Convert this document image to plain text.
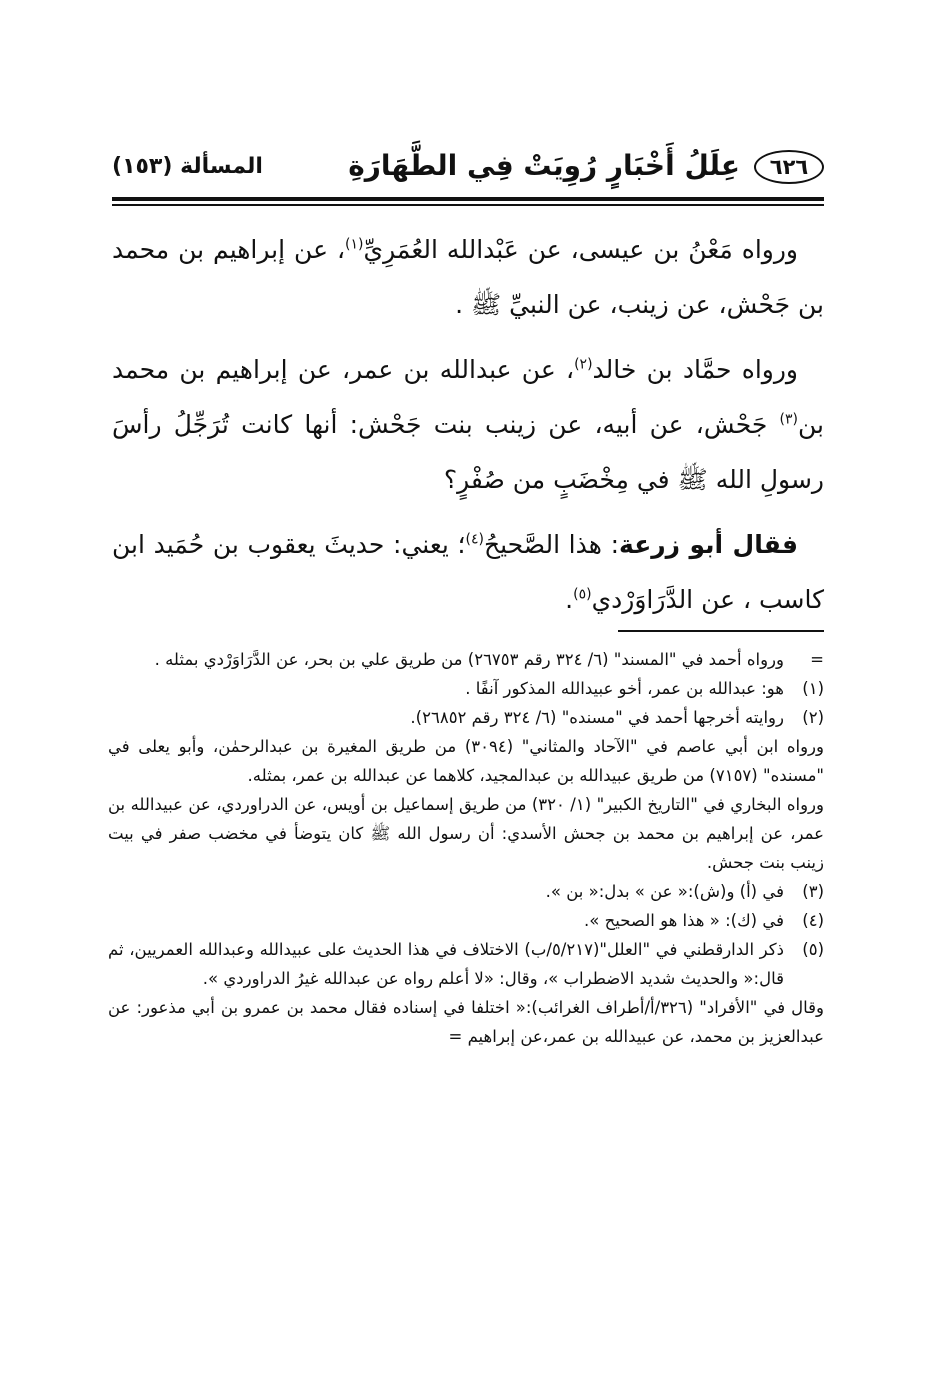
٦٢٦
عِلَلُ أَخْبَارٍ رُوِيَتْ فِي الطَّهَارَةِ
المسألة (١٥٣)

ورواه مَعْنُ بن عيسى، عن عَبْدالله العُمَرِيِّ$^{(١)}$، عن إبراهيم بن محمد بن جَحْش، عن زينب، عن النبيِّ ﷺ .

ورواه حمَّاد بن خالد$^{(٢)}$، عن عبدالله بن عمر، عن إبراهيم بن محمد بن$^{(٣)}$ جَحْش، عن أبيه، عن زينب بنت جَحْش: أنها كانت تُرَجِّلُ رأسَ رسولِ الله ﷺ في مِخْضَبٍ من صُفْرٍ؟

فقال أبو زرعة: هذا الصَّحيحُ$^{(٤)}$؛ يعني: حديثَ يعقوب بن حُمَيد ابن كاسب ، عن الدَّرَاوَرْدي$^{(٥)}$.

=
ورواه أحمد في "المسند" (٦/ ٣٢٤ رقم ٢٦٧٥٣) من طريق علي بن بحر، عن الدَّرَاوَرْدي بمثله .
(١)
هو: عبدالله بن عمر، أخو عبيدالله المذكور آنفًا .
(٢)
روايته أخرجها أحمد في "مسنده" (٦/ ٣٢٤ رقم ٢٦٨٥٢).

ورواه ابن أبي عاصم في "الآحاد والمثاني" (٣٠٩٤) من طريق المغيرة بن عبدالرحمٰن، وأبو يعلى في "مسنده" (٧١٥٧) من طريق عبيدالله بن عبدالمجيد، كلاهما عن عبدالله بن عمر، بمثله.

ورواه البخاري في "التاريخ الكبير" (١/ ٣٢٠) من طريق إسماعيل بن أويس، عن الدراوردي، عن عبيدالله بن عمر، عن إبراهيم بن محمد بن جحش الأسدي: أن رسول الله ﷺ كان يتوضأ في مخضب صفر في بيت زينب بنت جحش.

(٣)
في (أ) و(ش):« عن » بدل:« بن ».
(٤)
في (ك): « هذا هو الصحيح ».
(٥)
ذكر الدارقطني في "العلل"(٥/٢١٧/ب) الاختلاف في هذا الحديث على عبيدالله وعبدالله العمريين، ثم قال:« والحديث شديد الاضطراب »، وقال: «لا أعلم رواه عن عبدالله غيرُ الدراوردي ».

وقال في "الأفراد" (٣٢٦/أ/أطراف الغرائب):« اختلفا في إسناده فقال محمد بن عمرو بن أبي مذعور: عن عبدالعزيز بن محمد، عن عبيدالله بن عمر،عن إبراهيم =
